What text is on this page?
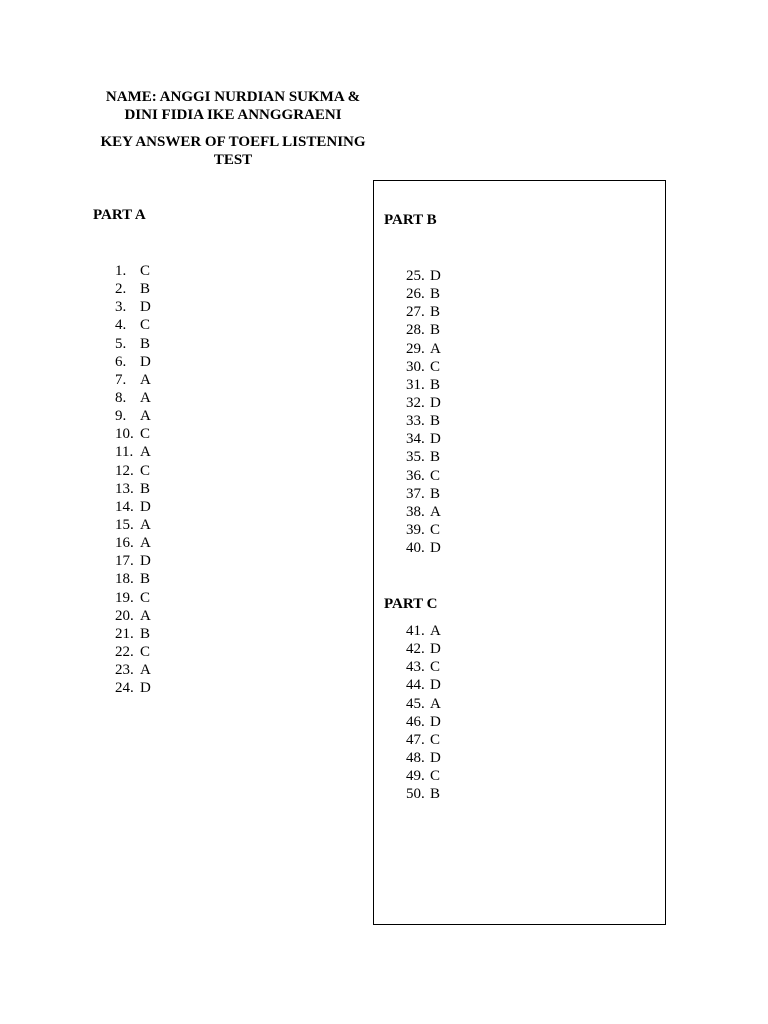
NAME: ANGGI NURDIAN SUKMA &
DINI FIDIA IKE ANNGGRAENI
KEY ANSWER OF TOEFL LISTENING
TEST
PART A
1. C
2. B
3. D
4. C
5. B
6. D
7. A
8. A
9. A
10. C
11. A
12. C
13. B
14. D
15. A
16. A
17. D
18. B
19. C
20. A
21. B
22. C
23. A
24. D
PART B
25. D
26. B
27. B
28. B
29. A
30. C
31. B
32. D
33. B
34. D
35. B
36. C
37. B
38. A
39. C
40. D
PART C
41. A
42. D
43. C
44. D
45. A
46. D
47. C
48. D
49. C
50. B
